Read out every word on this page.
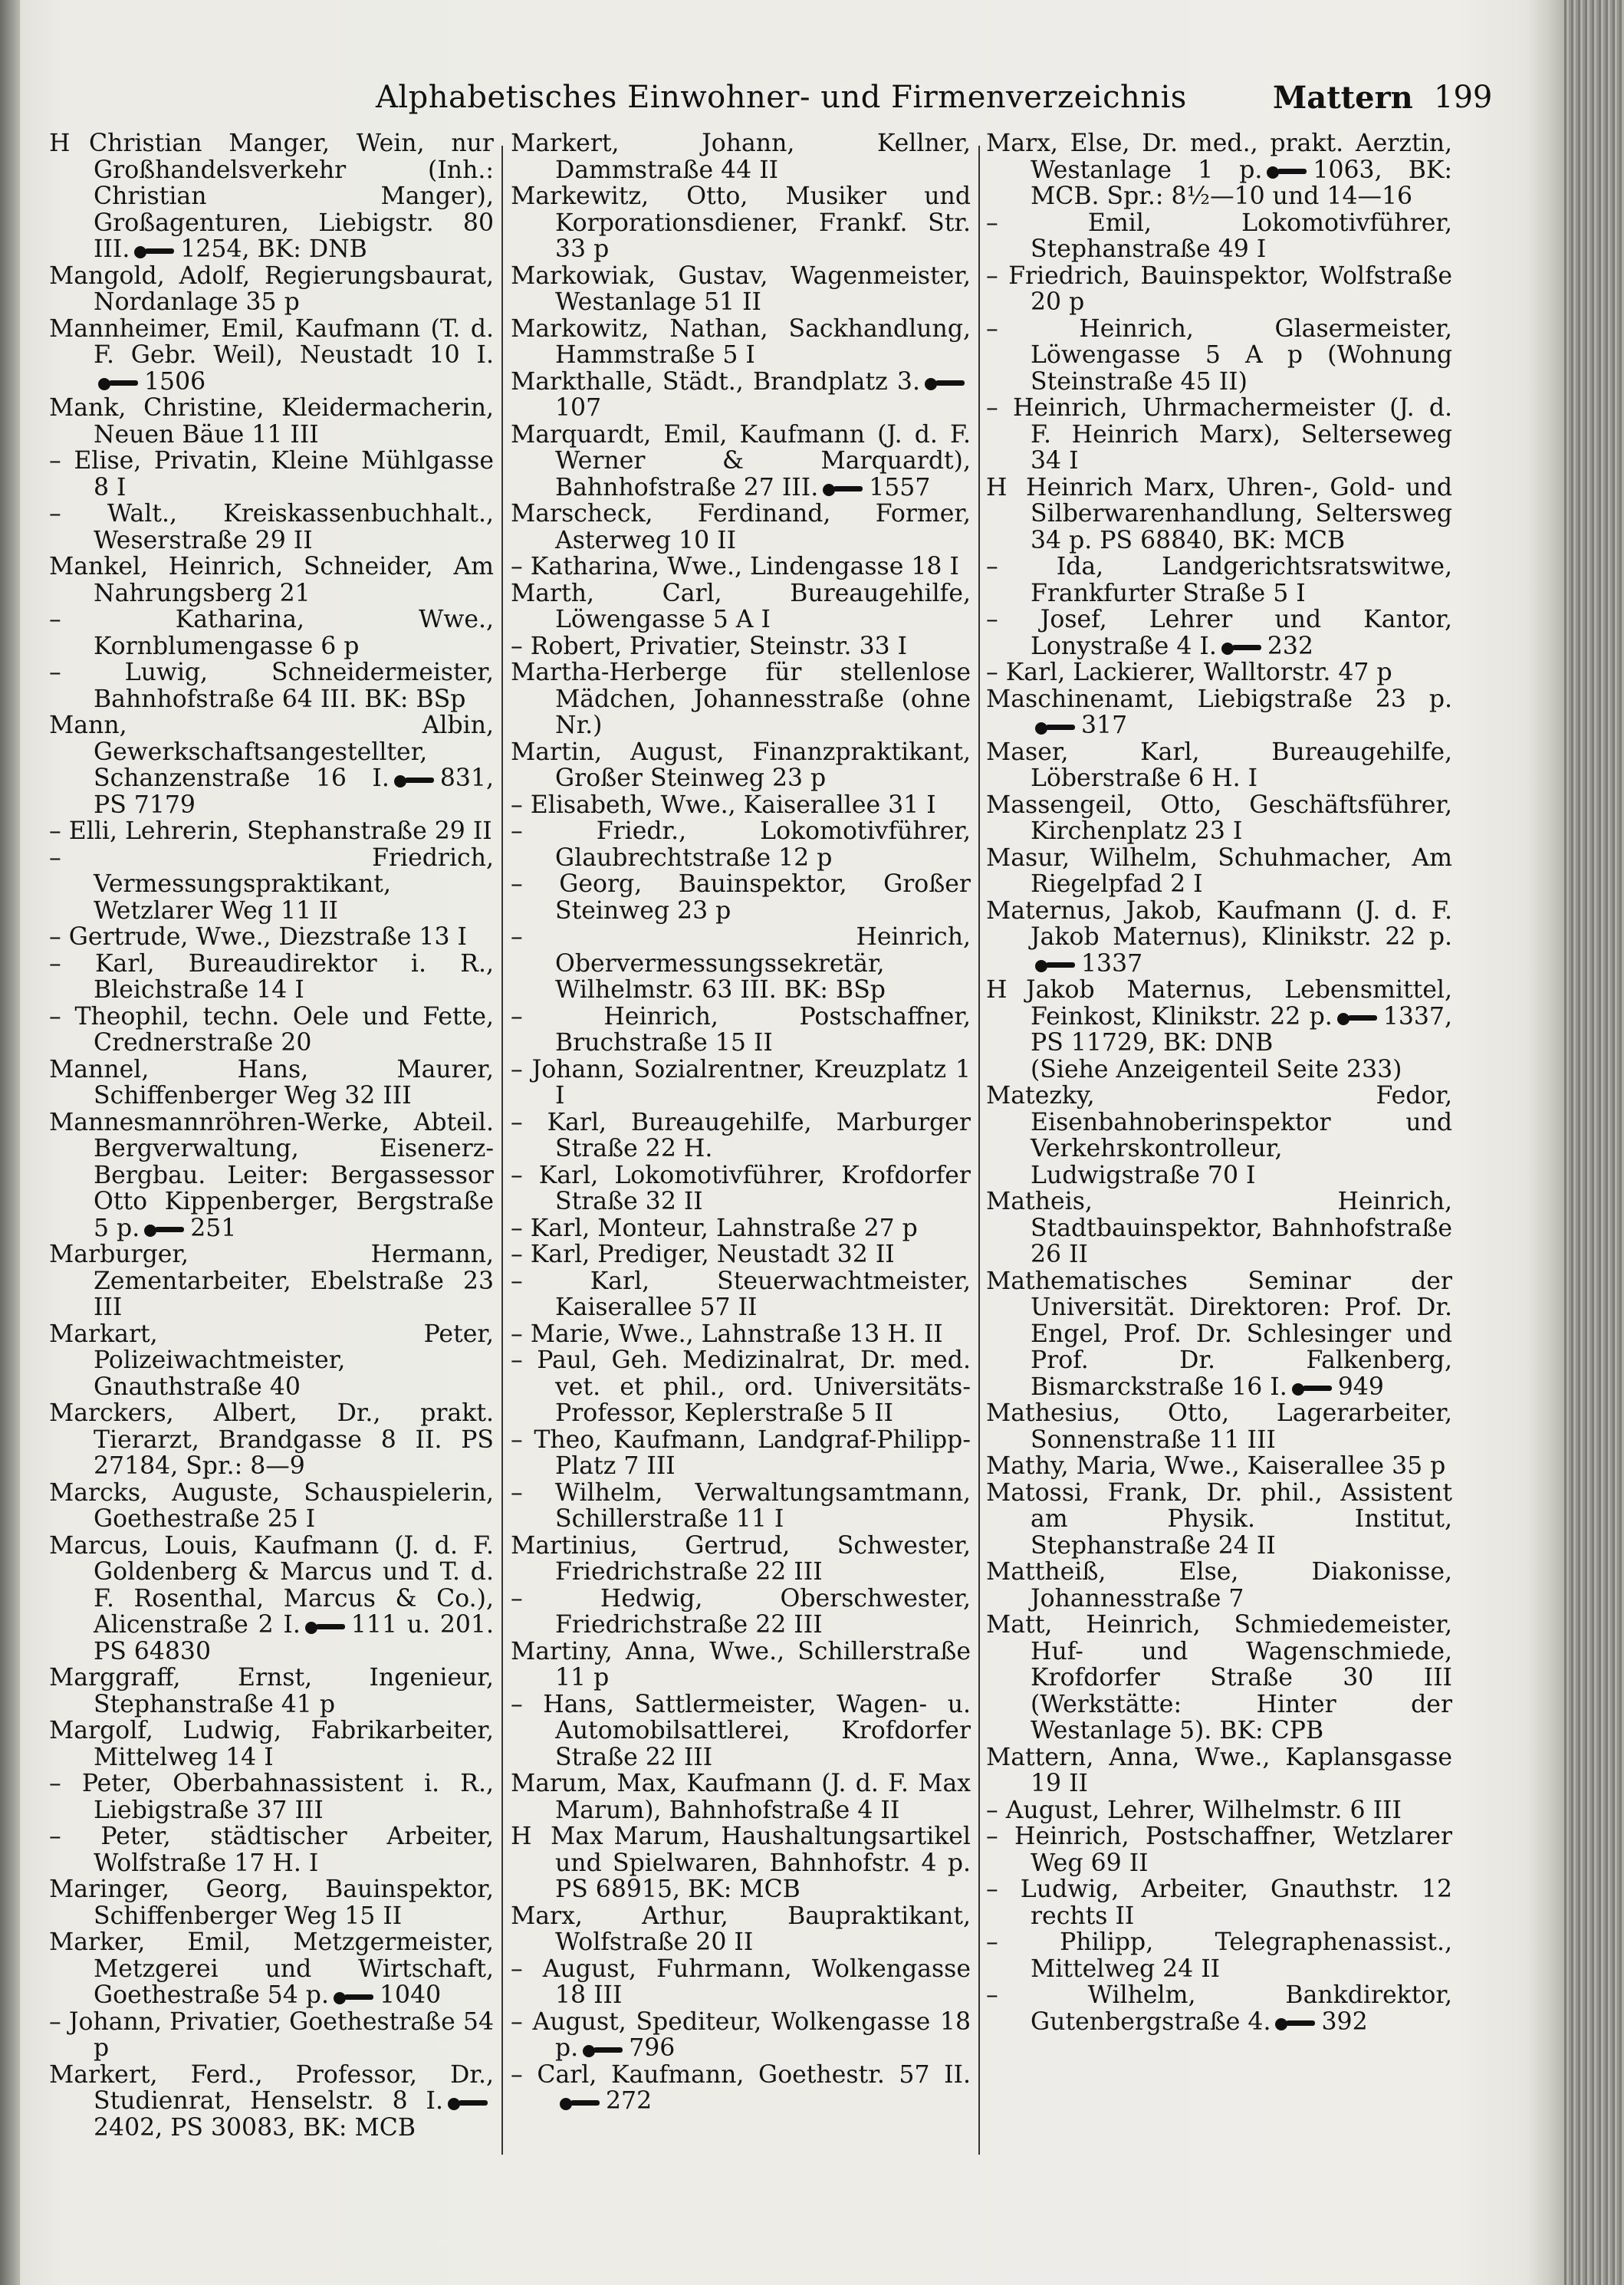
Alphabetisches Einwohner- und Firmenverzeichnis	Mattern 199

H Christian Manger, Wein, nur Großhandelsverkehr (Inh.: Christian Manger), Großagenturen, Liebigstr. 80 III. 1254, BK: DNB

Mangold, Adolf, Regierungsbaurat, Nordanlage 35 p

Mannheimer, Emil, Kaufmann (T. d. F. Gebr. Weil), Neustadt 10 I.1506

Mank, Christine, Kleidermacherin, Neuen Bäue 11 III

– Elise, Privatin, Kleine Mühlgasse 8 I

– Walt., Kreiskassenbuchhalt., Weserstraße 29 II

Mankel, Heinrich, Schneider, Am Nahrungsberg 21

– Katharina, Wwe., Kornblumengasse 6 p

– Luwig, Schneidermeister, Bahnhofstraße 64 III. BK: BSp

Mann, Albin, Gewerkschaftsangestellter, Schanzenstraße 16 I. 831, PS 7179

– Elli, Lehrerin, Stephanstraße 29 II

– Friedrich, Vermessungspraktikant, Wetzlarer Weg 11 II

– Gertrude, Wwe., Diezstraße 13 I

– Karl, Bureaudirektor i. R., Bleichstraße 14 I

– Theophil, techn. Oele und Fette, Crednerstraße 20

Mannel, Hans, Maurer, Schiffenberger Weg 32 III

Mannesmannröhren-Werke, Abteil. Bergverwaltung, Eisenerz-Bergbau. Leiter: Bergassessor Otto Kippenberger, Bergstraße 5 p. 251

Marburger, Hermann, Zementarbeiter, Ebelstraße 23 III

Markart, Peter, Polizeiwachtmeister, Gnauthstraße 40

Marckers, Albert, Dr., prakt. Tierarzt, Brandgasse 8 II. PS 27184, Spr.: 8—9

Marcks, Auguste, Schauspielerin, Goethestraße 25 I

Marcus, Louis, Kaufmann (J. d. F. Goldenberg & Marcus und T. d. F. Rosenthal, Marcus & Co.), Alicenstraße 2 I. 111 u. 201. PS 64830

Marggraff, Ernst, Ingenieur, Stephanstraße 41 p

Margolf, Ludwig, Fabrikarbeiter, Mittelweg 14 I

– Peter, Oberbahnassistent i. R., Liebigstraße 37 III

– Peter, städtischer Arbeiter, Wolfstraße 17 H. I

Maringer, Georg, Bauinspektor, Schiffenberger Weg 15 II

Marker, Emil, Metzgermeister, Metzgerei und Wirtschaft, Goethestraße 54 p. 1040

– Johann, Privatier, Goethestraße 54 p

Markert, Ferd., Professor, Dr., Studienrat, Henselstr. 8 I.2402, PS 30083, BK: MCB

Markert, Johann, Kellner, Dammstraße 44 II

Markewitz, Otto, Musiker und Korporationsdiener, Frankf. Str. 33 p

Markowiak, Gustav, Wagenmeister, Westanlage 51 II

Markowitz, Nathan, Sackhandlung, Hammstraße 5 I

Markthalle, Städt., Brandplatz 3.107

Marquardt, Emil, Kaufmann (J. d. F. Werner & Marquardt), Bahnhofstraße 27 III. 1557

Marscheck, Ferdinand, Former, Asterweg 10 II

– Katharina, Wwe., Lindengasse 18 I

Marth, Carl, Bureaugehilfe, Löwengasse 5 A I

– Robert, Privatier, Steinstr. 33 I

Martha-Herberge für stellenlose Mädchen, Johannesstraße (ohne Nr.)

Martin, August, Finanzpraktikant, Großer Steinweg 23 p

– Elisabeth, Wwe., Kaiserallee 31 I

– Friedr., Lokomotivführer, Glaubrechtstraße 12 p

– Georg, Bauinspektor, Großer Steinweg 23 p

– Heinrich, Obervermessungssekretär, Wilhelmstr. 63 III. BK: BSp

– Heinrich, Postschaffner, Bruchstraße 15 II

– Johann, Sozialrentner, Kreuzplatz 1 I

– Karl, Bureaugehilfe, Marburger Straße 22 H.

– Karl, Lokomotivführer, Krofdorfer Straße 32 II

– Karl, Monteur, Lahnstraße 27 p

– Karl, Prediger, Neustadt 32 II

– Karl, Steuerwachtmeister, Kaiserallee 57 II

– Marie, Wwe., Lahnstraße 13 H. II

– Paul, Geh. Medizinalrat, Dr. med. vet. et phil., ord. Universitäts-Professor, Keplerstraße 5 II

– Theo, Kaufmann, Landgraf-Philipp-Platz 7 III

– Wilhelm, Verwaltungsamtmann, Schillerstraße 11 I

Martinius, Gertrud, Schwester, Friedrichstraße 22 III

– Hedwig, Oberschwester, Friedrichstraße 22 III

Martiny, Anna, Wwe., Schillerstraße 11 p

– Hans, Sattlermeister, Wagen- u. Automobilsattlerei, Krofdorfer Straße 22 III

Marum, Max, Kaufmann (J. d. F. Max Marum), Bahnhofstraße 4 II

H Max Marum, Haushaltungsartikel und Spielwaren, Bahnhofstr. 4 p. PS 68915, BK: MCB

Marx, Arthur, Baupraktikant, Wolfstraße 20 II

– August, Fuhrmann, Wolkengasse 18 III

– August, Spediteur, Wolkengasse 18 p. 796

– Carl, Kaufmann, Goethestr. 57 II.272

Marx, Else, Dr. med., prakt. Aerztin, Westanlage 1 p. 1063, BK: MCB. Spr.: 8½—10 und 14—16

– Emil, Lokomotivführer, Stephanstraße 49 I

– Friedrich, Bauinspektor, Wolfstraße 20 p

– Heinrich, Glasermeister, Löwengasse 5 A p (Wohnung Steinstraße 45 II)

– Heinrich, Uhrmachermeister (J. d. F. Heinrich Marx), Selterseweg 34 I

H Heinrich Marx, Uhren-, Gold- und Silberwarenhandlung, Seltersweg 34 p. PS 68840, BK: MCB

– Ida, Landgerichtsratswitwe, Frankfurter Straße 5 I

– Josef, Lehrer und Kantor, Lonystraße 4 I. 232

– Karl, Lackierer, Walltorstr. 47 p

Maschinenamt, Liebigstraße 23 p.317

Maser, Karl, Bureaugehilfe, Löberstraße 6 H. I

Massengeil, Otto, Geschäftsführer, Kirchenplatz 23 I

Masur, Wilhelm, Schuhmacher, Am Riegelpfad 2 I

Maternus, Jakob, Kaufmann (J. d. F. Jakob Maternus), Klinikstr. 22 p.1337

H Jakob Maternus, Lebensmittel, Feinkost, Klinikstr. 22 p. 1337, PS 11729, BK: DNB

(Siehe Anzeigenteil Seite 233)

Matezky, Fedor, Eisenbahnoberinspektor und Verkehrskontrolleur, Ludwigstraße 70 I

Matheis, Heinrich, Stadtbauinspektor, Bahnhofstraße 26 II

Mathematisches Seminar der Universität. Direktoren: Prof. Dr. Engel, Prof. Dr. Schlesinger und Prof. Dr. Falkenberg, Bismarckstraße 16 I. 949

Mathesius, Otto, Lagerarbeiter, Sonnenstraße 11 III

Mathy, Maria, Wwe., Kaiserallee 35 p

Matossi, Frank, Dr. phil., Assistent am Physik. Institut, Stephanstraße 24 II

Mattheiß, Else, Diakonisse, Johannesstraße 7

Matt, Heinrich, Schmiedemeister, Huf- und Wagenschmiede, Krofdorfer Straße 30 III (Werkstätte: Hinter der Westanlage 5). BK: CPB

Mattern, Anna, Wwe., Kaplansgasse 19 II

– August, Lehrer, Wilhelmstr. 6 III

– Heinrich, Postschaffner, Wetzlarer Weg 69 II

– Ludwig, Arbeiter, Gnauthstr. 12 rechts II

– Philipp, Telegraphenassist., Mittelweg 24 II

– Wilhelm, Bankdirektor, Gutenbergstraße 4. 392
